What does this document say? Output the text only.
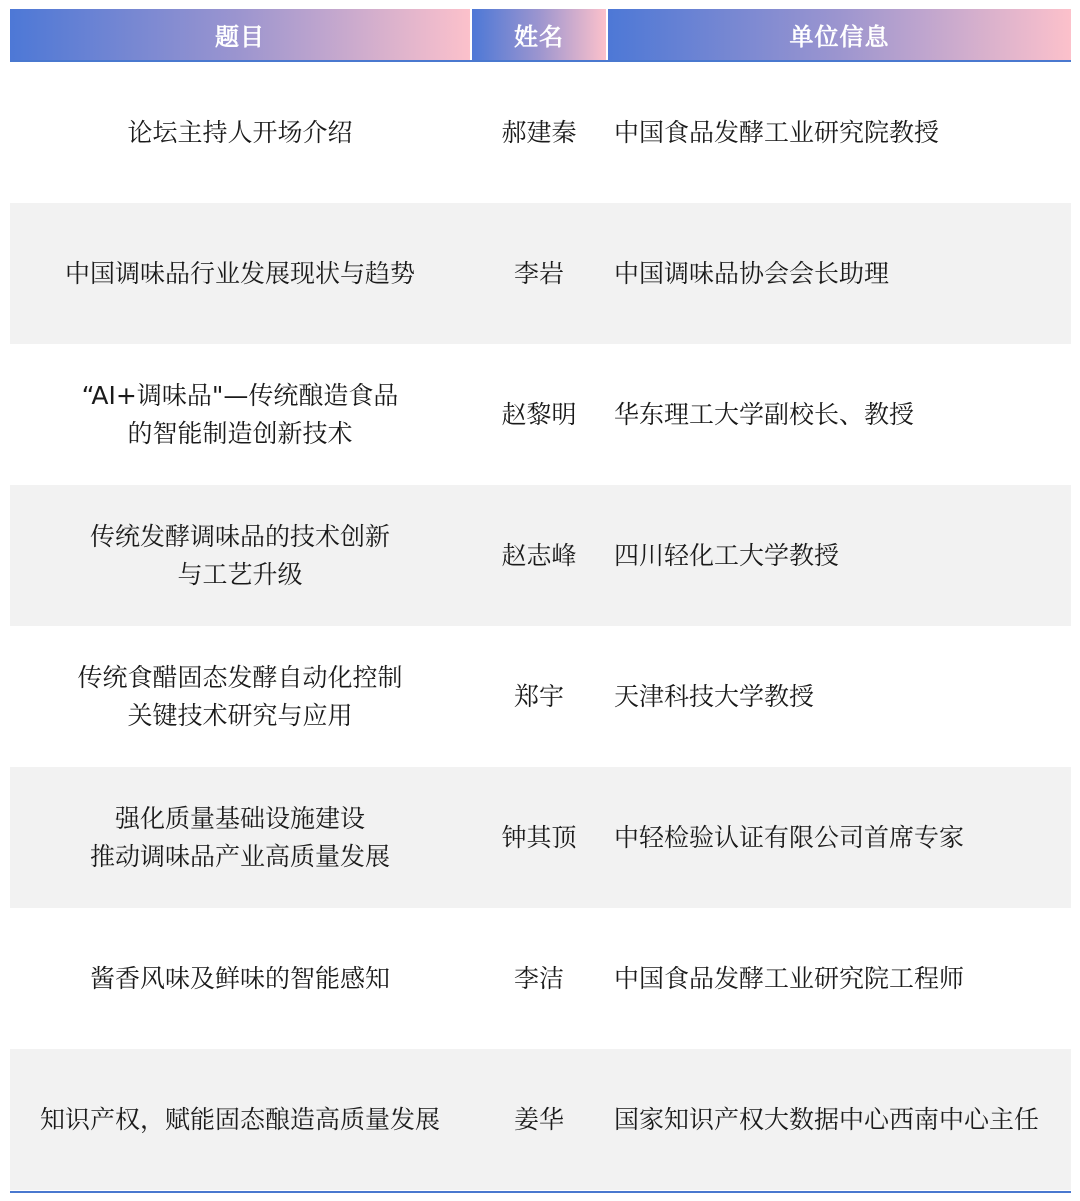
题目	姓名	单位信息
论坛主持人开场介绍	郝建秦	中国食品发酵工业研究院教授
中国调味品行业发展现状与趋势	李岩	中国调味品协会会长助理
“AI+调味品"—传统酿造食品
的智能制造创新技术
赵黎明	华东理工大学副校长、教授
传统发酵调味品的技术创新
与工艺升级
赵志峰	四川轻化工大学教授
传统食醋固态发酵自动化控制
关键技术研究与应用
郑宇	天津科技大学教授
强化质量基础设施建设
推动调味品产业高质量发展
钟其顶	中轻检验认证有限公司首席专家
酱香风味及鲜味的智能感知	李洁	中国食品发酵工业研究院工程师
知识产权，赋能固态酿造高质量发展	姜华	国家知识产权大数据中心西南中心主任
